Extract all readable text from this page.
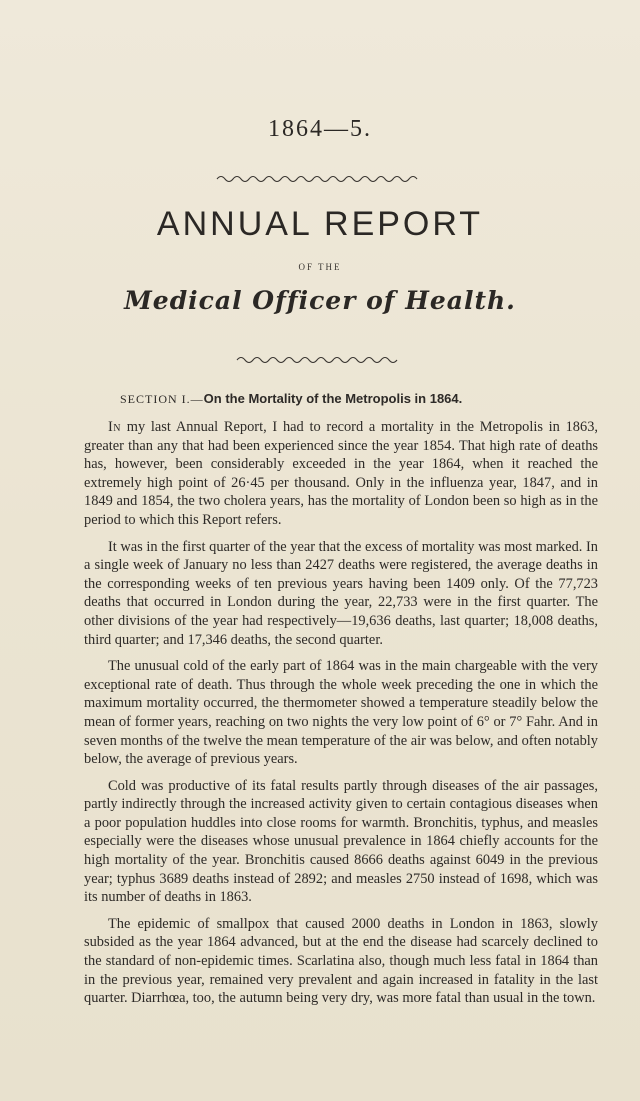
1864—5.
ANNUAL REPORT
OF THE
Medical Officer of Health.
SECTION I.—On the Mortality of the Metropolis in 1864.

In my last Annual Report, I had to record a mortality in the Metropolis in 1863, greater than any that had been experienced since the year 1854. That high rate of deaths has, however, been considerably exceeded in the year 1864, when it reached the extremely high point of 26·45 per thousand. Only in the influenza year, 1847, and in 1849 and 1854, the two cholera years, has the mortality of London been so high as in the period to which this Report refers.

It was in the first quarter of the year that the excess of mortality was most marked. In a single week of January no less than 2427 deaths were registered, the average deaths in the corresponding weeks of ten previous years having been 1409 only. Of the 77,723 deaths that occurred in London during the year, 22,733 were in the first quarter. The other divisions of the year had respectively—19,636 deaths, last quarter; 18,008 deaths, third quarter; and 17,346 deaths, the second quarter.

The unusual cold of the early part of 1864 was in the main chargeable with the very exceptional rate of death. Thus through the whole week preceding the one in which the maximum mortality occurred, the thermometer showed a temperature steadily below the mean of former years, reaching on two nights the very low point of 6° or 7° Fahr. And in seven months of the twelve the mean temperature of the air was below, and often notably below, the average of previous years.

Cold was productive of its fatal results partly through diseases of the air passages, partly indirectly through the increased activity given to certain contagious diseases when a poor population huddles into close rooms for warmth. Bronchitis, typhus, and measles especially were the diseases whose unusual prevalence in 1864 chiefly accounts for the high mortality of the year. Bronchitis caused 8666 deaths against 6049 in the previous year; typhus 3689 deaths instead of 2892; and measles 2750 instead of 1698, which was its number of deaths in 1863.

The epidemic of smallpox that caused 2000 deaths in London in 1863, slowly subsided as the year 1864 advanced, but at the end the disease had scarcely declined to the standard of non-epidemic times. Scarlatina also, though much less fatal in 1864 than in the previous year, remained very prevalent and again increased in fatality in the last quarter. Diarrhœa, too, the autumn being very dry, was more fatal than usual in the town.
